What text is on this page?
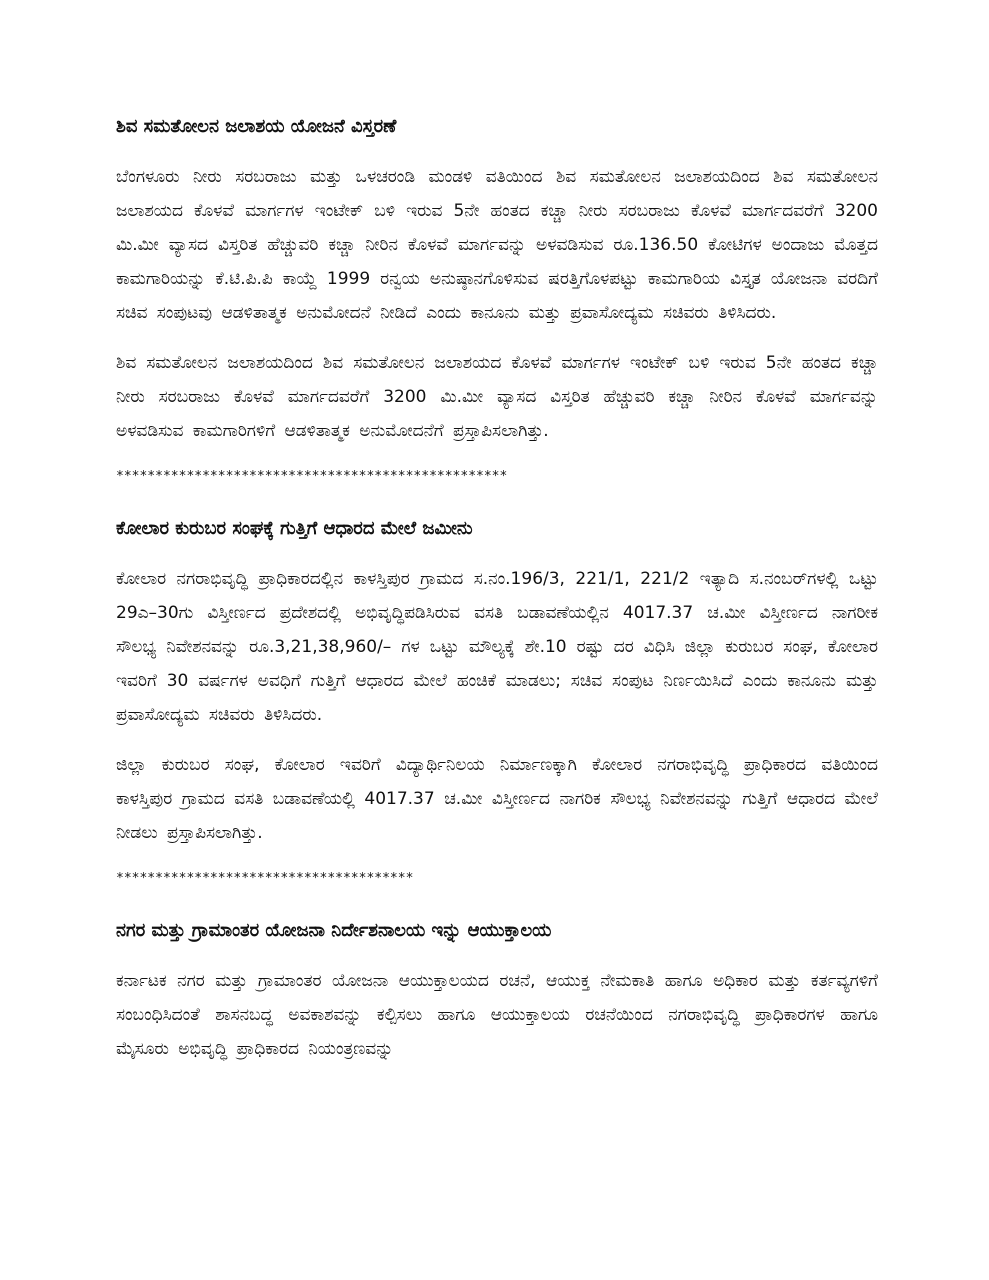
ಶಿವ ಸಮತೋಲನ ಜಲಾಶಯ ಯೋಜನೆ ವಿಸ್ತರಣೆ

ಬೆಂಗಳೂರು ನೀರು ಸರಬರಾಜು ಮತ್ತು ಒಳಚರಂಡಿ ಮಂಡಳಿ ವತಿಯಿಂದ ಶಿವ ಸಮತೋಲನ ಜಲಾಶಯದಿಂದ ಶಿವ ಸಮತೋಲನ ಜಲಾಶಯದ ಕೊಳವೆ ಮಾರ್ಗಗಳ ಇಂಟೇಕ್ ಬಳಿ ಇರುವ 5ನೇ ಹಂತದ ಕಚ್ಚಾ ನೀರು ಸರಬರಾಜು ಕೊಳವೆ ಮಾರ್ಗದವರೆಗೆ 3200 ಮಿ.ಮೀ ವ್ಯಾಸದ ವಿಸ್ತರಿತ ಹೆಚ್ಚುವರಿ ಕಚ್ಚಾ ನೀರಿನ ಕೊಳವೆ ಮಾರ್ಗವನ್ನು ಅಳವಡಿಸುವ ರೂ.136.50 ಕೋಟಿಗಳ ಅಂದಾಜು ಮೊತ್ತದ ಕಾಮಗಾರಿಯನ್ನು ಕೆ.ಟಿ.ಪಿ.ಪಿ ಕಾಯ್ದೆ 1999 ರನ್ವಯ ಅನುಷ್ಠಾನಗೊಳಿಸುವ ಷರತ್ತಿಗೊಳಪಟ್ಟು ಕಾಮಗಾರಿಯ ವಿಸ್ತೃತ ಯೋಜನಾ ವರದಿಗೆ ಸಚಿವ ಸಂಪುಟವು ಆಡಳಿತಾತ್ಮಕ ಅನುಮೋದನೆ ನೀಡಿದೆ ಎಂದು ಕಾನೂನು ಮತ್ತು ಪ್ರವಾಸೋದ್ಯಮ ಸಚಿವರು ತಿಳಿಸಿದರು.

ಶಿವ ಸಮತೋಲನ ಜಲಾಶಯದಿಂದ ಶಿವ ಸಮತೋಲನ ಜಲಾಶಯದ ಕೊಳವೆ ಮಾರ್ಗಗಳ ಇಂಟೇಕ್ ಬಳಿ ಇರುವ 5ನೇ ಹಂತದ ಕಚ್ಚಾ ನೀರು ಸರಬರಾಜು ಕೊಳವೆ ಮಾರ್ಗದವರೆಗೆ 3200 ಮಿ.ಮೀ ವ್ಯಾಸದ ವಿಸ್ತರಿತ ಹೆಚ್ಚುವರಿ ಕಚ್ಚಾ ನೀರಿನ ಕೊಳವೆ ಮಾರ್ಗವನ್ನು ಅಳವಡಿಸುವ ಕಾಮಗಾರಿಗಳಿಗೆ ಆಡಳಿತಾತ್ಮಕ ಅನುಮೋದನೆಗೆ ಪ್ರಸ್ತಾಪಿಸಲಾಗಿತ್ತು.

**************************************************
ಕೋಲಾರ ಕುರುಬರ ಸಂಘಕ್ಕೆ ಗುತ್ತಿಗೆ ಆಧಾರದ ಮೇಲೆ ಜಮೀನು

ಕೋಲಾರ ನಗರಾಭಿವೃದ್ಧಿ ಪ್ರಾಧಿಕಾರದಲ್ಲಿನ ಕಾಳಸ್ತಿಪುರ ಗ್ರಾಮದ ಸ.ನಂ.196/3, 221/1, 221/2 ಇತ್ಯಾದಿ ಸ.ನಂಬರ್‌ಗಳಲ್ಲಿ ಒಟ್ಟು 29ಎ–30ಗು ವಿಸ್ತೀರ್ಣದ ಪ್ರದೇಶದಲ್ಲಿ ಅಭಿವೃದ್ಧಿಪಡಿಸಿರುವ ವಸತಿ ಬಡಾವಣೆಯಲ್ಲಿನ 4017.37 ಚ.ಮೀ ವಿಸ್ತೀರ್ಣದ ನಾಗರೀಕ ಸೌಲಭ್ಯ ನಿವೇಶನವನ್ನು ರೂ.3,21,38,960/– ಗಳ ಒಟ್ಟು ಮೌಲ್ಯಕ್ಕೆ ಶೇ.10 ರಷ್ಟು ದರ ವಿಧಿಸಿ ಜಿಲ್ಲಾ ಕುರುಬರ ಸಂಘ, ಕೋಲಾರ ಇವರಿಗೆ 30 ವರ್ಷಗಳ ಅವಧಿಗೆ ಗುತ್ತಿಗೆ ಆಧಾರದ ಮೇಲೆ ಹಂಚಿಕೆ ಮಾಡಲು; ಸಚಿವ ಸಂಪುಟ ನಿರ್ಣಯಿಸಿದೆ ಎಂದು ಕಾನೂನು ಮತ್ತು ಪ್ರವಾಸೋದ್ಯಮ ಸಚಿವರು ತಿಳಿಸಿದರು.

ಜಿಲ್ಲಾ ಕುರುಬರ ಸಂಘ, ಕೋಲಾರ ಇವರಿಗೆ ವಿದ್ಯಾರ್ಥಿನಿಲಯ ನಿರ್ಮಾಣಕ್ಕಾಗಿ ಕೋಲಾರ ನಗರಾಭಿವೃದ್ಧಿ ಪ್ರಾಧಿಕಾರದ ವತಿಯಿಂದ ಕಾಳಸ್ತಿಪುರ ಗ್ರಾಮದ ವಸತಿ ಬಡಾವಣೆಯಲ್ಲಿ 4017.37 ಚ.ಮೀ ವಿಸ್ತೀರ್ಣದ ನಾಗರಿಕ ಸೌಲಭ್ಯ ನಿವೇಶನವನ್ನು ಗುತ್ತಿಗೆ ಆಧಾರದ ಮೇಲೆ ನೀಡಲು ಪ್ರಸ್ತಾಪಿಸಲಾಗಿತ್ತು.

**************************************
ನಗರ ಮತ್ತು ಗ್ರಾಮಾಂತರ ಯೋಜನಾ ನಿರ್ದೇಶನಾಲಯ ಇನ್ನು ಆಯುಕ್ತಾಲಯ

ಕರ್ನಾಟಕ ನಗರ ಮತ್ತು ಗ್ರಾಮಾಂತರ ಯೋಜನಾ ಆಯುಕ್ತಾಲಯದ ರಚನೆ, ಆಯುಕ್ತ ನೇಮಕಾತಿ ಹಾಗೂ ಅಧಿಕಾರ ಮತ್ತು ಕರ್ತವ್ಯಗಳಿಗೆ ಸಂಬಂಧಿಸಿದಂತೆ ಶಾಸನಬದ್ಧ ಅವಕಾಶವನ್ನು ಕಲ್ಪಿಸಲು ಹಾಗೂ ಆಯುಕ್ತಾಲಯ ರಚನೆಯಿಂದ ನಗರಾಭಿವೃದ್ಧಿ ಪ್ರಾಧಿಕಾರಗಳ ಹಾಗೂ ಮೈಸೂರು ಅಭಿವೃದ್ಧಿ ಪ್ರಾಧಿಕಾರದ ನಿಯಂತ್ರಣವನ್ನು
